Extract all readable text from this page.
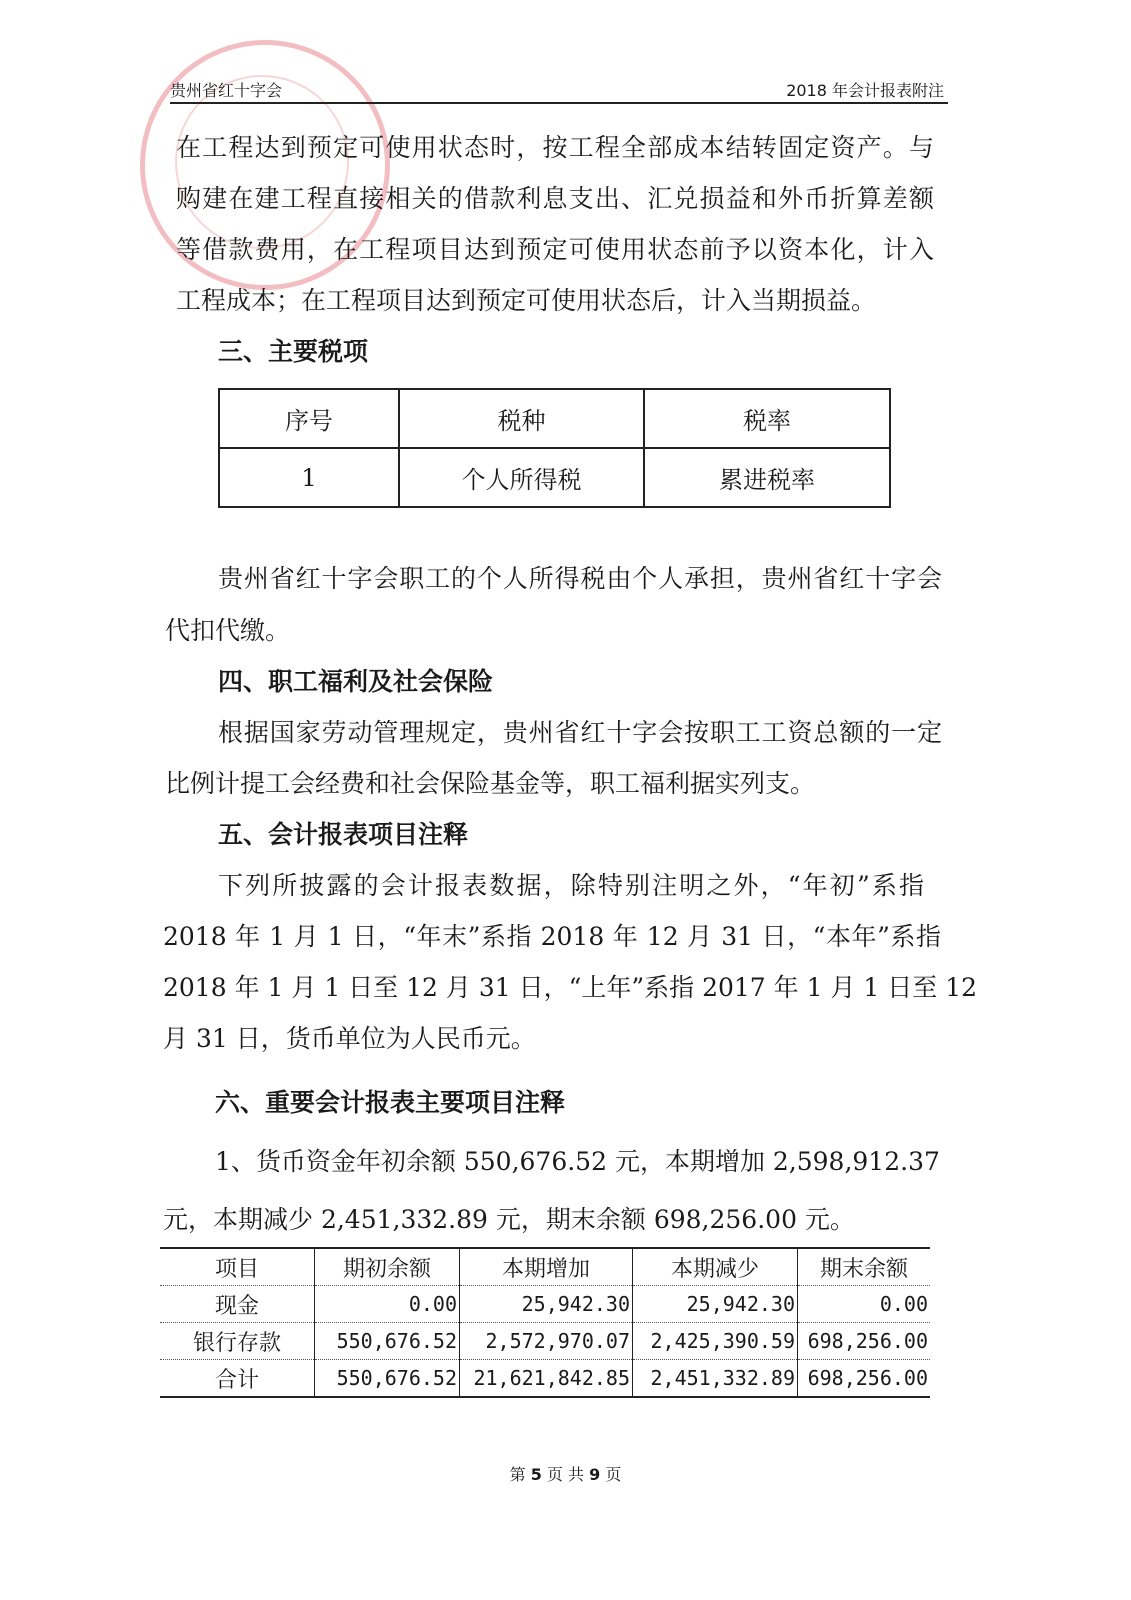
贵州省红十字会	2018 年会计报表附注
在工程达到预定可使用状态时，按工程全部成本结转固定资产。与
购建在建工程直接相关的借款利息支出、汇兑损益和外币折算差额
等借款费用，在工程项目达到预定可使用状态前予以资本化，计入
工程成本；在工程项目达到预定可使用状态后，计入当期损益。
三、主要税项
序号	税种	税率
1	个人所得税	累进税率
贵州省红十字会职工的个人所得税由个人承担，贵州省红十字会
代扣代缴。
四、职工福利及社会保险
根据国家劳动管理规定，贵州省红十字会按职工工资总额的一定
比例计提工会经费和社会保险基金等，职工福利据实列支。
五、会计报表项目注释
下列所披露的会计报表数据，除特别注明之外，“年初”系指
2018 年 1 月 1 日，“年末”系指 2018 年 12 月 31 日，“本年”系指
2018 年 1 月 1 日至 12 月 31 日，“上年”系指 2017 年 1 月 1 日至 12
月 31 日，货币单位为人民币元。
六、重要会计报表主要项目注释
1、货币资金年初余额 550,676.52 元，本期增加 2,598,912.37
元，本期减少 2,451,332.89 元，期末余额 698,256.00 元。
项目	期初余额	本期增加	本期减少	期末余额
现金	0.00	25,942.30	25,942.30	0.00
银行存款	550,676.52	2,572,970.07	2,425,390.59	698,256.00
合计	550,676.52	21,621,842.85	2,451,332.89	698,256.00
第 5 页 共 9 页
